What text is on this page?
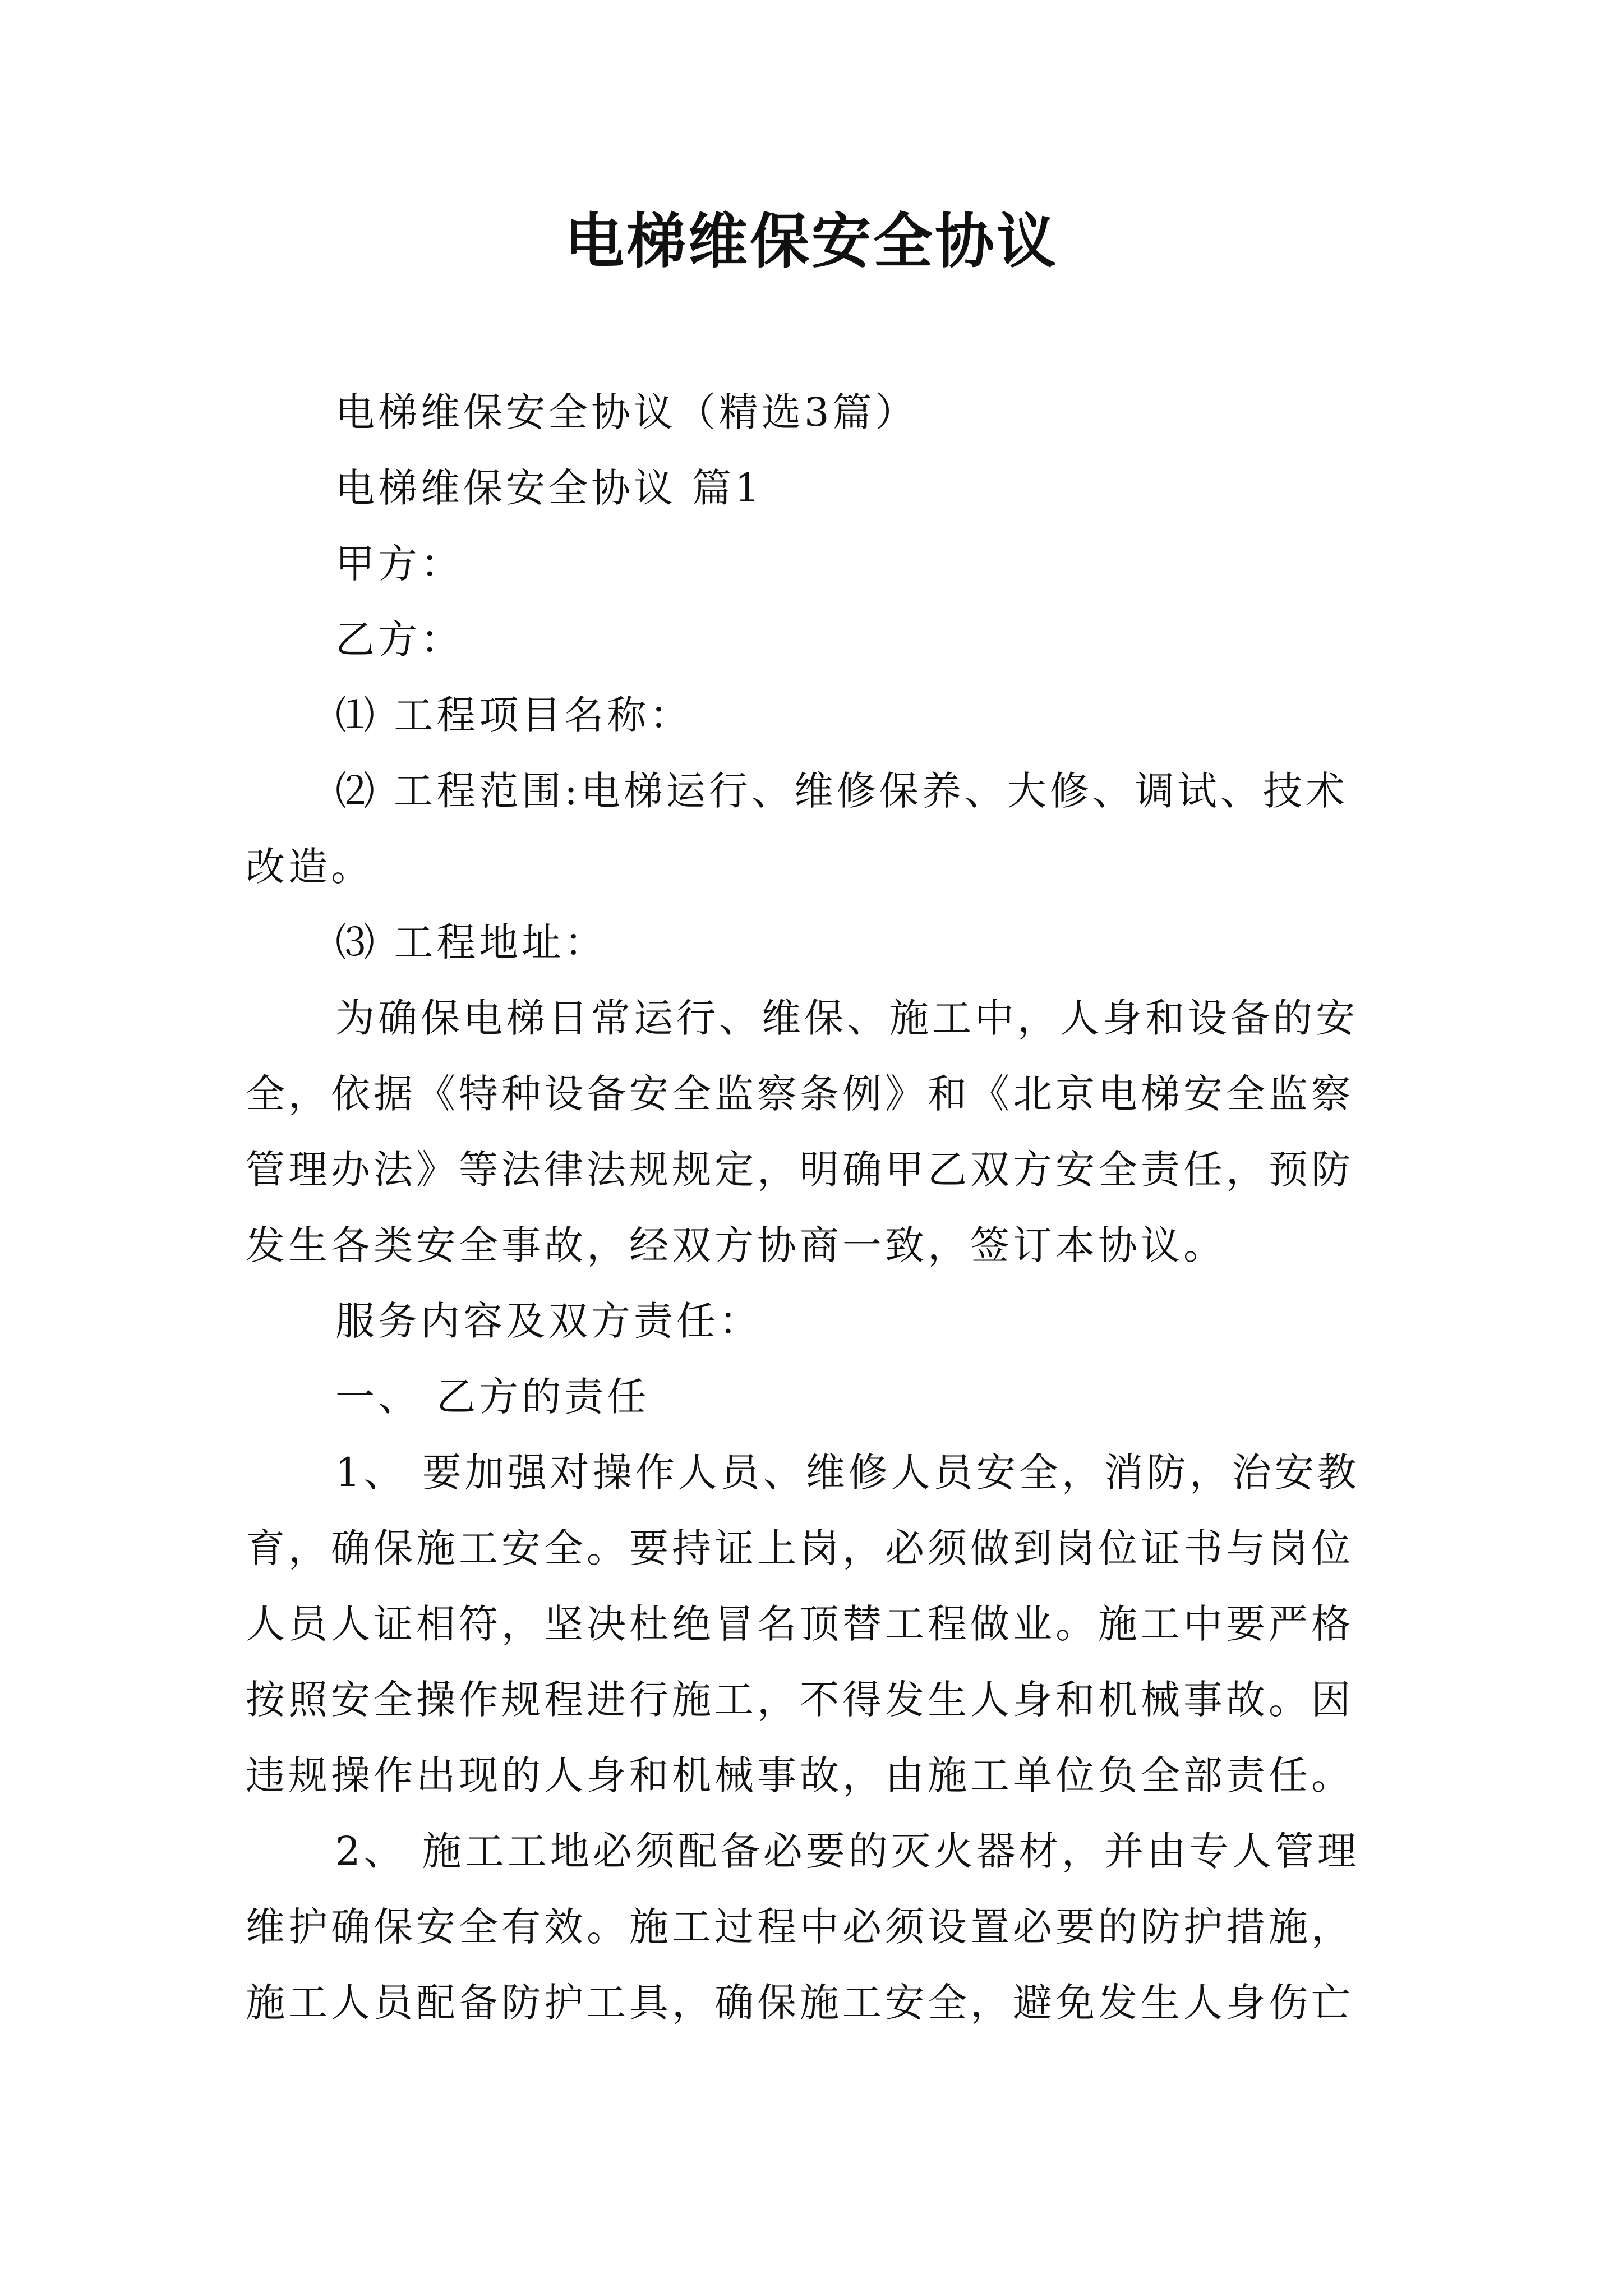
电梯维保安全协议
电梯维保安全协议（精选3篇）
电梯维保安全协议 篇1
甲方：
乙方：
⑴ 工程项目名称：
⑵ 工程范围:电梯运行、维修保养、大修、调试、技术
改造。
⑶ 工程地址：
为确保电梯日常运行、维保、施工中，人身和设备的安
全，依据《特种设备安全监察条例》和《北京电梯安全监察
管理办法》等法律法规规定，明确甲乙双方安全责任，预防
发生各类安全事故，经双方协商一致，签订本协议。
服务内容及双方责任：
一、 乙方的责任
1、 要加强对操作人员、维修人员安全，消防，治安教
育，确保施工安全。要持证上岗，必须做到岗位证书与岗位
人员人证相符，坚决杜绝冒名顶替工程做业。施工中要严格
按照安全操作规程进行施工，不得发生人身和机械事故。因
违规操作出现的人身和机械事故，由施工单位负全部责任。
2、 施工工地必须配备必要的灭火器材，并由专人管理
维护确保安全有效。施工过程中必须设置必要的防护措施，
施工人员配备防护工具，确保施工安全，避免发生人身伤亡
